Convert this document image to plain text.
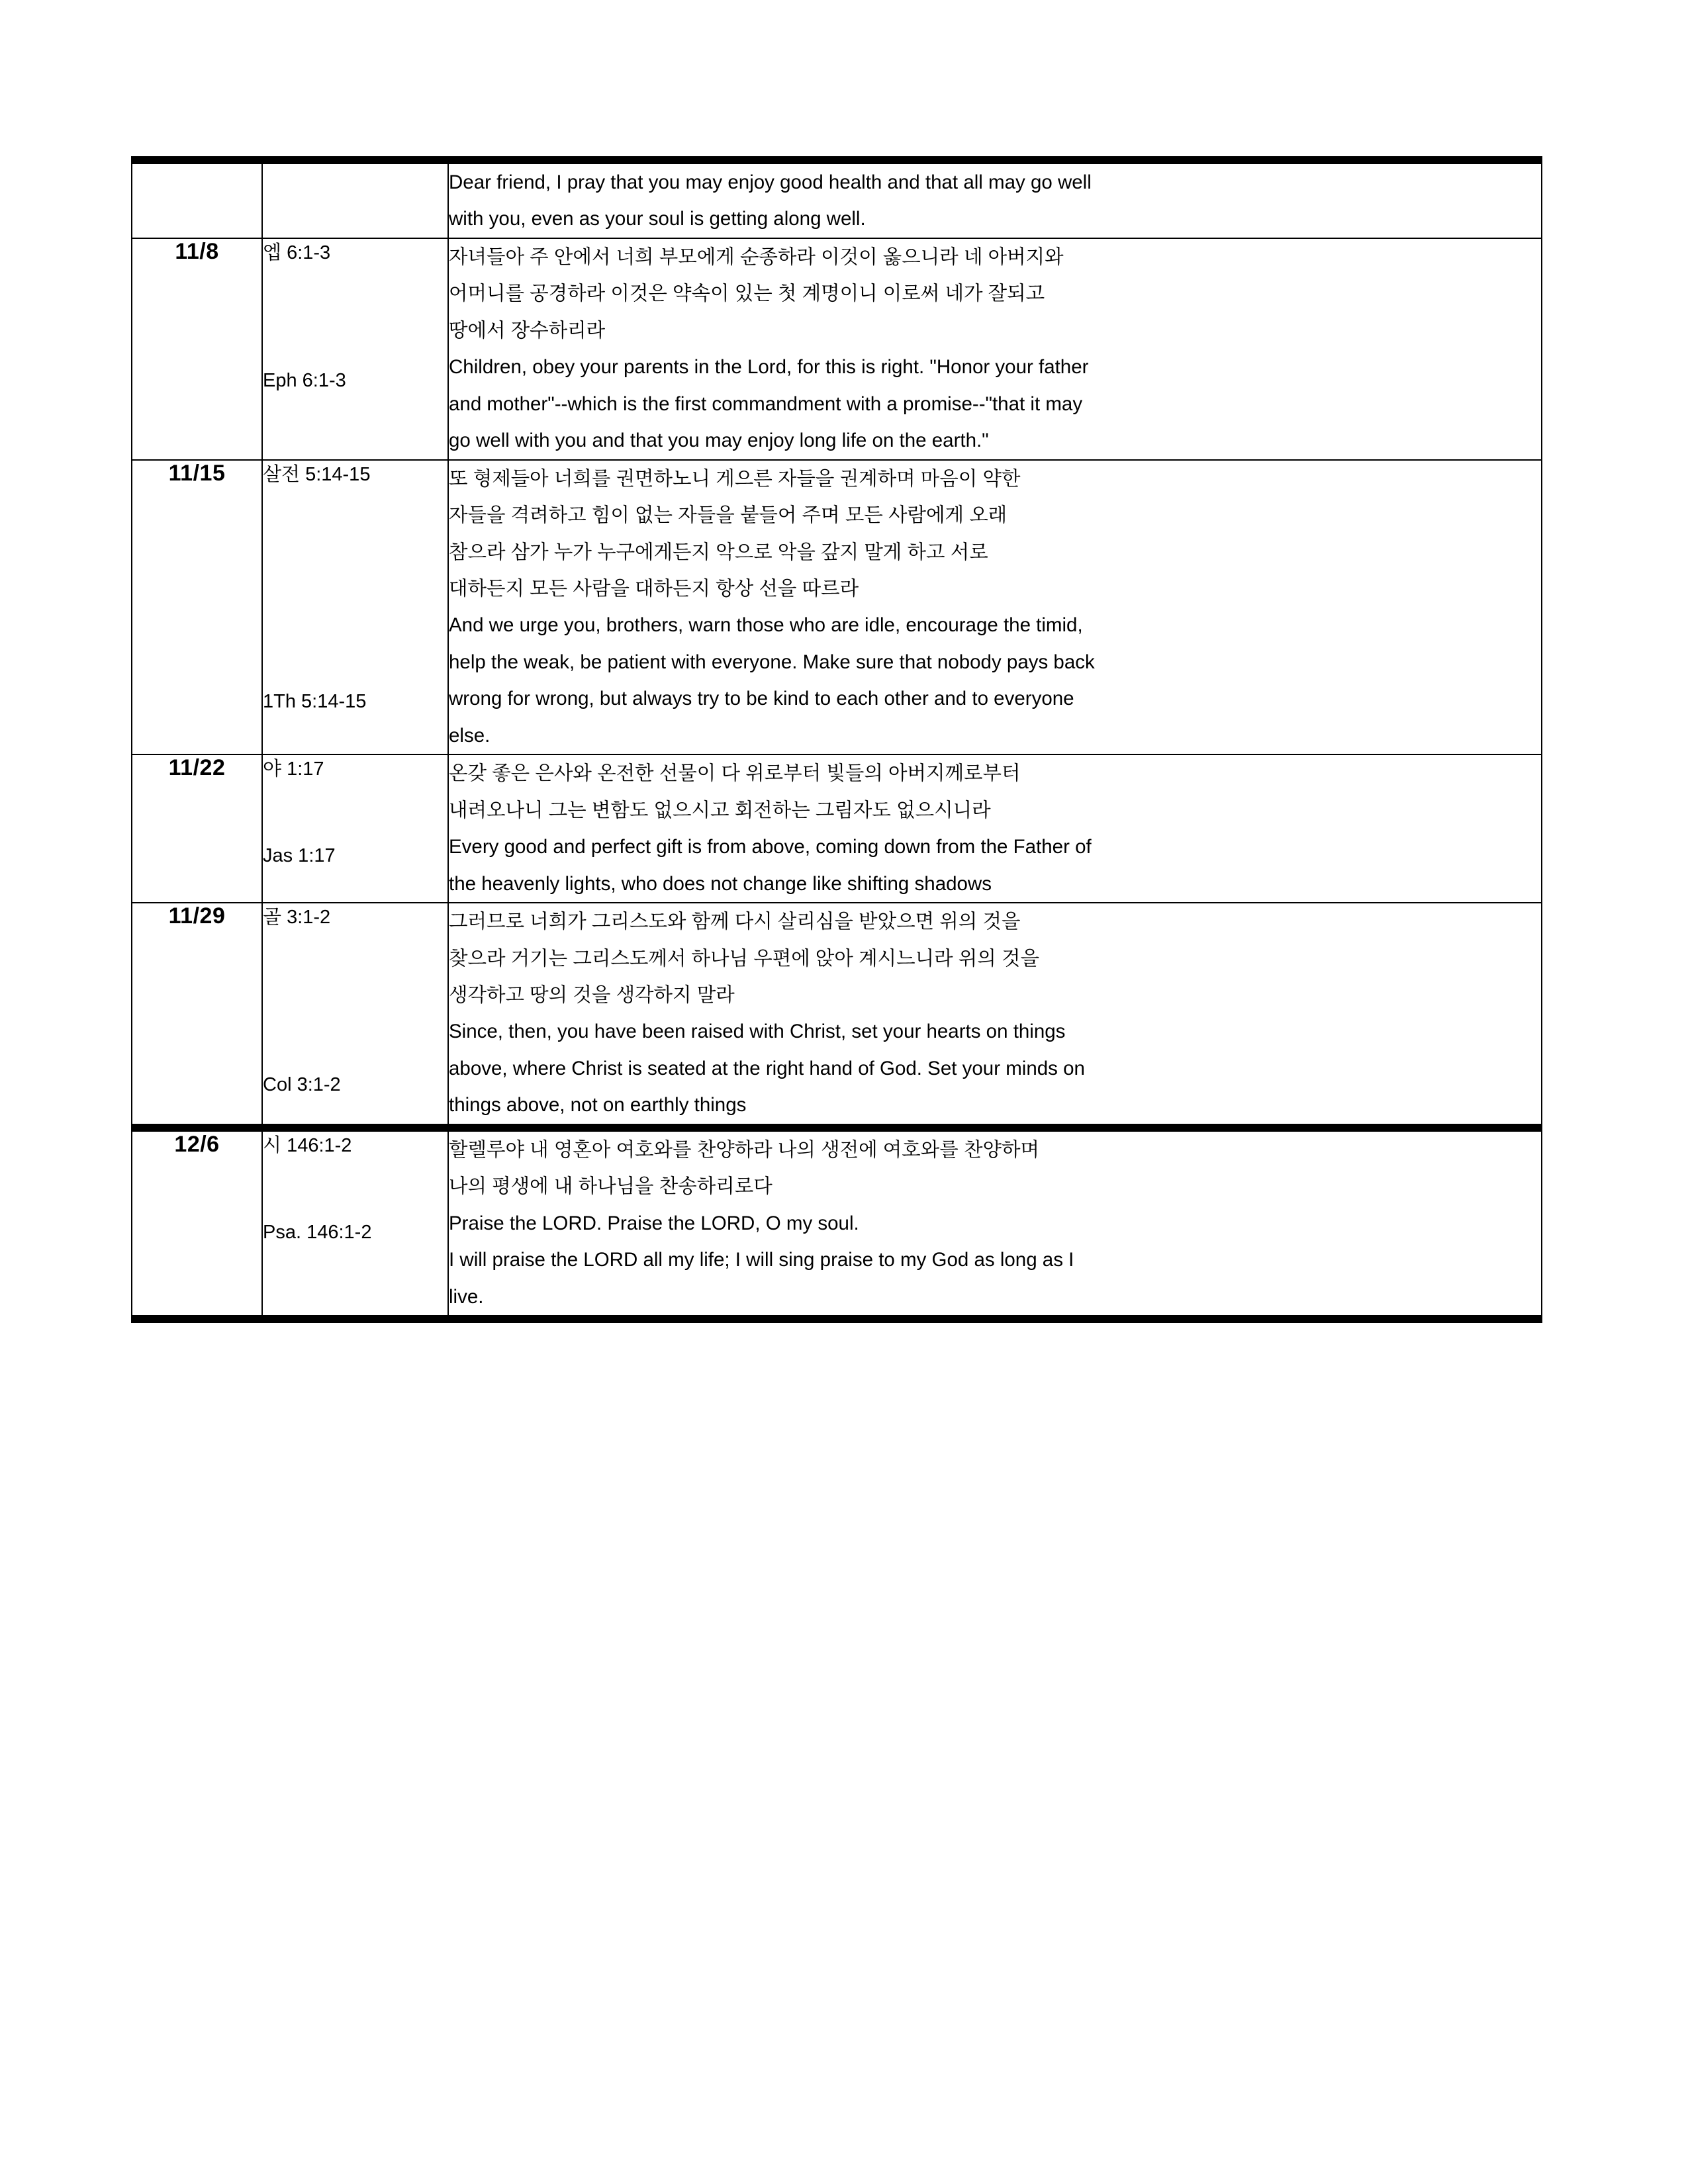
		Dear friend, I pray that you may enjoy good health and that all may go well

with you, even as your soul is getting along well.

11/8	엡 6:1-3
Eph 6:1-3

자녀들아 주 안에서 너희 부모에게 순종하라 이것이 옳으니라 네 아버지와

어머니를 공경하라 이것은 약속이 있는 첫 계명이니 이로써 네가 잘되고

땅에서 장수하리라

Children, obey your parents in the Lord, for this is right. "Honor your father

and mother"--which is the first commandment with a promise--"that it may

go well with you and that you may enjoy long life on the earth."

11/15	살전 5:14-15
1Th 5:14-15

또 형제들아 너희를 권면하노니 게으른 자들을 권계하며 마음이 약한

자들을 격려하고 힘이 없는 자들을 붙들어 주며 모든 사람에게 오래

참으라 삼가 누가 누구에게든지 악으로 악을 갚지 말게 하고 서로

대하든지 모든 사람을 대하든지 항상 선을 따르라

And we urge you, brothers, warn those who are idle, encourage the timid,

help the weak, be patient with everyone. Make sure that nobody pays back

wrong for wrong, but always try to be kind to each other and to everyone

else.

11/22	야 1:17
Jas 1:17

온갖 좋은 은사와 온전한 선물이 다 위로부터 빛들의 아버지께로부터

내려오나니 그는 변함도 없으시고 회전하는 그림자도 없으시니라

Every good and perfect gift is from above, coming down from the Father of

the heavenly lights, who does not change like shifting shadows

11/29	골 3:1-2
Col 3:1-2

그러므로 너희가 그리스도와 함께 다시 살리심을 받았으면 위의 것을

찾으라 거기는 그리스도께서 하나님 우편에 앉아 계시느니라 위의 것을

생각하고 땅의 것을 생각하지 말라

Since, then, you have been raised with Christ, set your hearts on things

above, where Christ is seated at the right hand of God. Set your minds on

things above, not on earthly things

12/6	시 146:1-2
Psa. 146:1-2

할렐루야 내 영혼아 여호와를 찬양하라 나의 생전에 여호와를 찬양하며

나의 평생에 내 하나님을 찬송하리로다

Praise the LORD. Praise the LORD, O my soul.

I will praise the LORD all my life; I will sing praise to my God as long as I

live.
